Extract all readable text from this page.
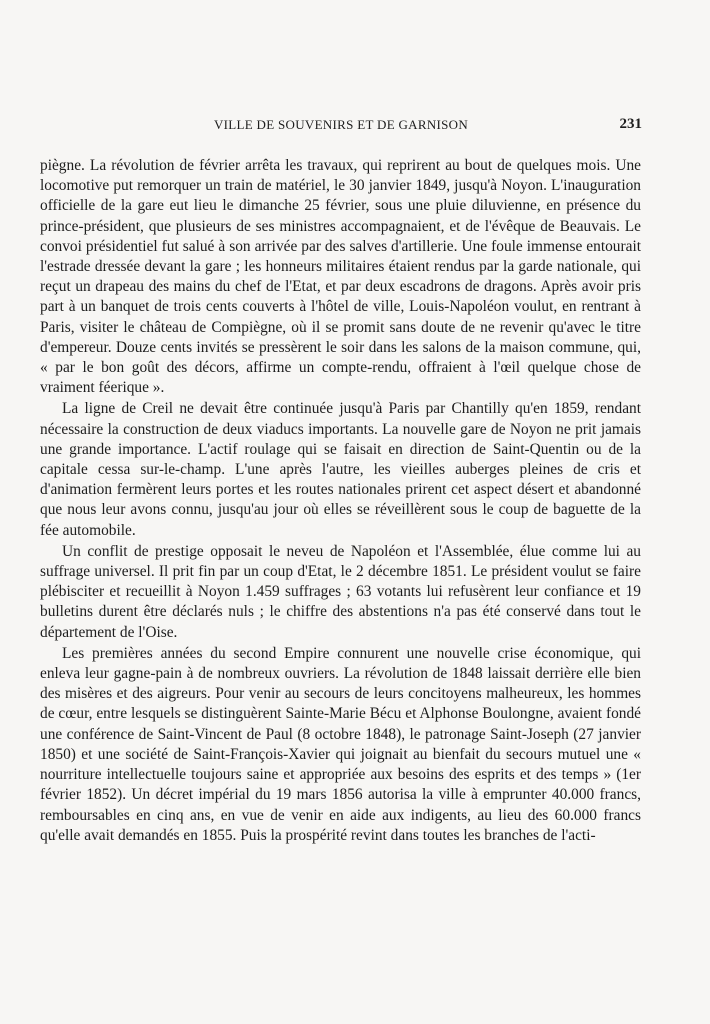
VILLE DE SOUVENIRS ET DE GARNISON	231

piègne. La révolution de février arrêta les travaux, qui reprirent au bout de quelques mois. Une locomotive put remorquer un train de matériel, le 30 janvier 1849, jusqu'à Noyon. L'inauguration officielle de la gare eut lieu le dimanche 25 février, sous une pluie diluvienne, en présence du prince-président, que plusieurs de ses ministres accompagnaient, et de l'évêque de Beauvais. Le convoi présidentiel fut salué à son arrivée par des salves d'artillerie. Une foule immense entourait l'estrade dressée devant la gare ; les honneurs militaires étaient rendus par la garde nationale, qui reçut un drapeau des mains du chef de l'Etat, et par deux escadrons de dragons. Après avoir pris part à un banquet de trois cents couverts à l'hôtel de ville, Louis-Napoléon voulut, en rentrant à Paris, visiter le château de Compiègne, où il se promit sans doute de ne revenir qu'avec le titre d'empereur. Douze cents invités se pressèrent le soir dans les salons de la maison commune, qui, « par le bon goût des décors, affirme un compte-rendu, offraient à l'œil quelque chose de vraiment féerique ».

La ligne de Creil ne devait être continuée jusqu'à Paris par Chantilly qu'en 1859, rendant nécessaire la construction de deux viaducs importants. La nouvelle gare de Noyon ne prit jamais une grande importance. L'actif roulage qui se faisait en direction de Saint-Quentin ou de la capitale cessa sur-le-champ. L'une après l'autre, les vieilles auberges pleines de cris et d'animation fermèrent leurs portes et les routes nationales prirent cet aspect désert et abandonné que nous leur avons connu, jusqu'au jour où elles se réveillèrent sous le coup de baguette de la fée automobile.

Un conflit de prestige opposait le neveu de Napoléon et l'Assemblée, élue comme lui au suffrage universel. Il prit fin par un coup d'Etat, le 2 décembre 1851. Le président voulut se faire plébisciter et recueillit à Noyon 1.459 suffrages ; 63 votants lui refusèrent leur confiance et 19 bulletins durent être déclarés nuls ; le chiffre des abstentions n'a pas été conservé dans tout le département de l'Oise.

Les premières années du second Empire connurent une nouvelle crise économique, qui enleva leur gagne-pain à de nombreux ouvriers. La révolution de 1848 laissait derrière elle bien des misères et des aigreurs. Pour venir au secours de leurs concitoyens malheureux, les hommes de cœur, entre lesquels se distinguèrent Sainte-Marie Bécu et Alphonse Boulongne, avaient fondé une conférence de Saint-Vincent de Paul (8 octobre 1848), le patronage Saint-Joseph (27 janvier 1850) et une société de Saint-François-Xavier qui joignait au bienfait du secours mutuel une « nourriture intellectuelle toujours saine et appropriée aux besoins des esprits et des temps » (1er février 1852). Un décret impérial du 19 mars 1856 autorisa la ville à emprunter 40.000 francs, remboursables en cinq ans, en vue de venir en aide aux indigents, au lieu des 60.000 francs qu'elle avait demandés en 1855. Puis la prospérité revint dans toutes les branches de l'acti-
